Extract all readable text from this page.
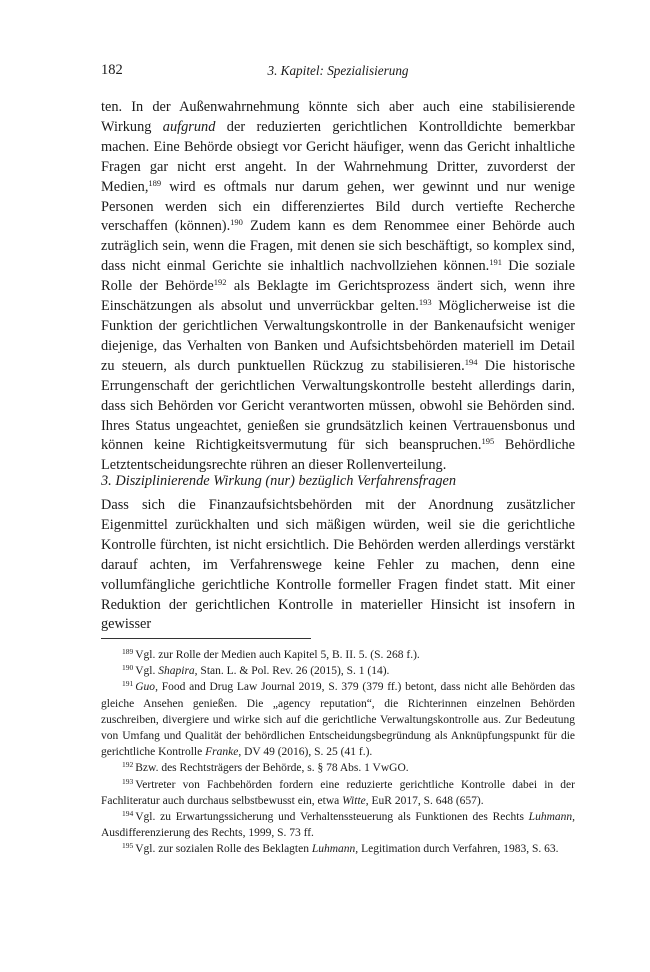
182	3. Kapitel: Spezialisierung

ten. In der Außenwahrnehmung könnte sich aber auch eine stabilisierende Wirkung aufgrund der reduzierten gerichtlichen Kontrolldichte bemerkbar machen. Eine Behörde obsiegt vor Gericht häufiger, wenn das Gericht inhaltliche Fragen gar nicht erst angeht. In der Wahrnehmung Dritter, zuvorderst der Medien,$^{189}$ wird es oftmals nur darum gehen, wer gewinnt und nur wenige Personen werden sich ein differenziertes Bild durch vertiefte Recherche verschaffen (können).$^{190}$ Zudem kann es dem Renommee einer Behörde auch zuträglich sein, wenn die Fragen, mit denen sie sich beschäftigt, so komplex sind, dass nicht einmal Gerichte sie inhaltlich nachvollziehen können.$^{191}$ Die soziale Rolle der Behörde$^{192}$ als Beklagte im Gerichtsprozess ändert sich, wenn ihre Einschätzungen als absolut und unverrückbar gelten.$^{193}$ Möglicherweise ist die Funktion der gerichtlichen Verwaltungskontrolle in der Bankenaufsicht weniger diejenige, das Verhalten von Banken und Aufsichtsbehörden materiell im Detail zu steuern, als durch punktuellen Rückzug zu stabilisieren.$^{194}$ Die historische Errungenschaft der gerichtlichen Verwaltungskontrolle besteht allerdings darin, dass sich Behörden vor Gericht verantworten müssen, obwohl sie Behörden sind. Ihres Status ungeachtet, genießen sie grundsätzlich keinen Vertrauensbonus und können keine Richtigkeitsvermutung für sich beanspruchen.$^{195}$ Behördliche Letztentscheidungsrechte rühren an dieser Rollenverteilung.

3. Disziplinierende Wirkung (nur) bezüglich Verfahrensfragen
Dass sich die Finanzaufsichtsbehörden mit der Anordnung zusätzlicher Eigenmittel zurückhalten und sich mäßigen würden, weil sie die gerichtliche Kontrolle fürchten, ist nicht ersichtlich. Die Behörden werden allerdings verstärkt darauf achten, im Verfahrenswege keine Fehler zu machen, denn eine vollumfängliche gerichtliche Kontrolle formeller Fragen findet statt. Mit einer Reduktion der gerichtlichen Kontrolle in materieller Hinsicht ist insofern in gewisser

$^{189}$ Vgl. zur Rolle der Medien auch Kapitel 5, B. II. 5. (S. 268 f.).

$^{190}$ Vgl. Shapira, Stan. L. & Pol. Rev. 26 (2015), S. 1 (14).

$^{191}$ Guo, Food and Drug Law Journal 2019, S. 379 (379 ff.) betont, dass nicht alle Behörden das gleiche Ansehen genießen. Die „agency reputation“, die Richterinnen einzelnen Behörden zuschreiben, divergiere und wirke sich auf die gerichtliche Verwaltungskontrolle aus. Zur Bedeutung von Umfang und Qualität der behördlichen Entscheidungsbegründung als Anknüpfungspunkt für die gerichtliche Kontrolle Franke, DV 49 (2016), S. 25 (41 f.).

$^{192}$ Bzw. des Rechtsträgers der Behörde, s. § 78 Abs. 1 VwGO.

$^{193}$ Vertreter von Fachbehörden fordern eine reduzierte gerichtliche Kontrolle dabei in der Fachliteratur auch durchaus selbstbewusst ein, etwa Witte, EuR 2017, S. 648 (657).

$^{194}$ Vgl. zu Erwartungssicherung und Verhaltenssteuerung als Funktionen des Rechts Luhmann, Ausdifferenzierung des Rechts, 1999, S. 73 ff.

$^{195}$ Vgl. zur sozialen Rolle des Beklagten Luhmann, Legitimation durch Verfahren, 1983, S. 63.
